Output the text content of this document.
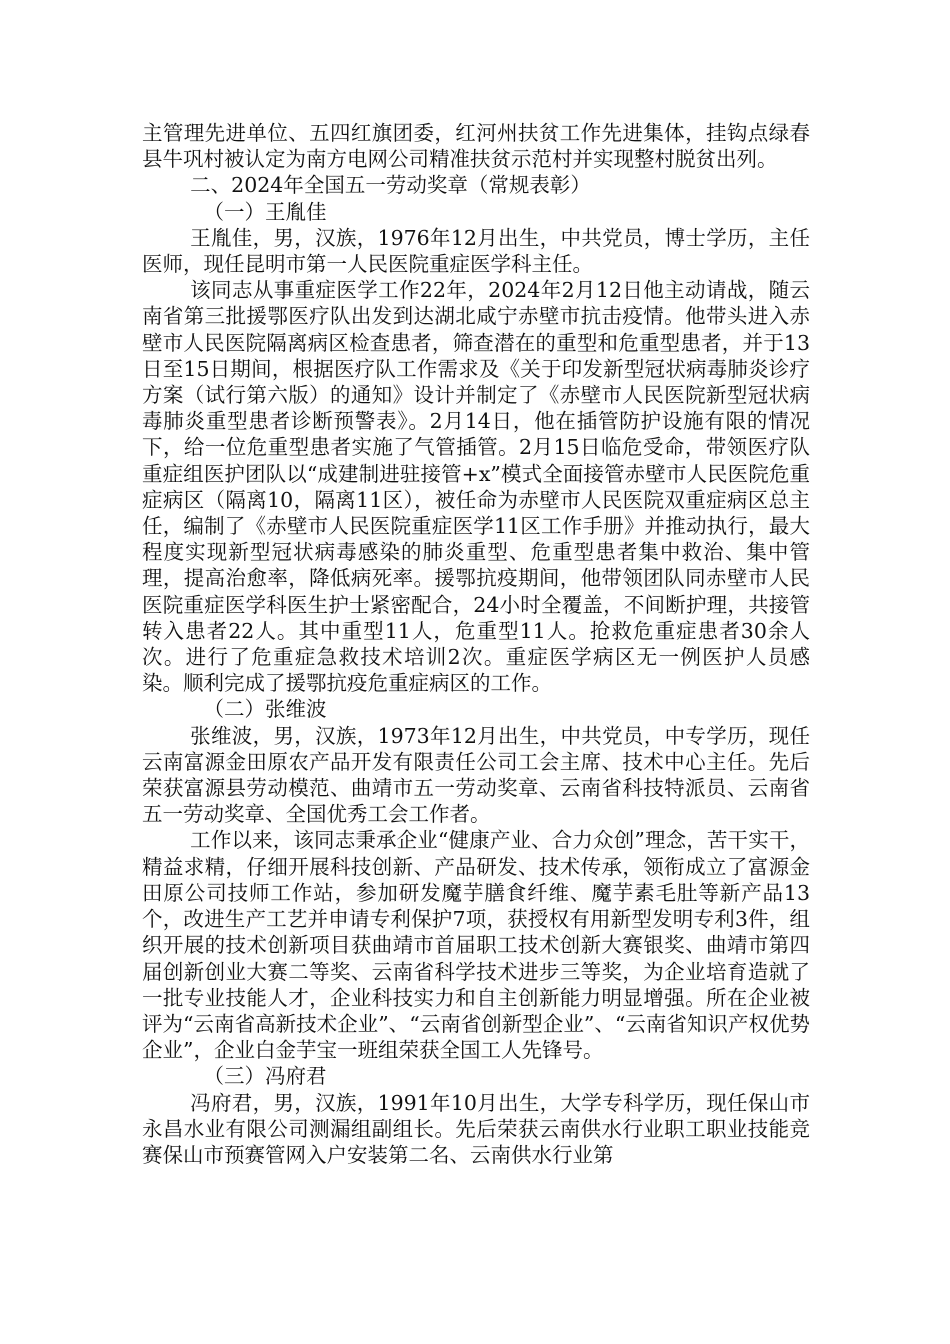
主管理先进单位、五四红旗团委，红河州扶贫工作先进集体，挂钩点绿春县牛巩村被认定为南方电网公司精准扶贫示范村并实现整村脱贫出列。

二、2024年全国五一劳动奖章（常规表彰）

（一）王胤佳

王胤佳，男，汉族，1976年12月出生，中共党员，博士学历，主任医师，现任昆明市第一人民医院重症医学科主任。

该同志从事重症医学工作22年，2024年2月12日他主动请战，随云南省第三批援鄂医疗队出发到达湖北咸宁赤壁市抗击疫情。他带头进入赤壁市人民医院隔离病区检查患者，筛查潜在的重型和危重型患者，并于13日至15日期间，根据医疗队工作需求及《关于印发新型冠状病毒肺炎诊疗方案（试行第六版）的通知》设计并制定了《赤壁市人民医院新型冠状病毒肺炎重型患者诊断预警表》。2月14日，他在插管防护设施有限的情况下，给一位危重型患者实施了气管插管。2月15日临危受命，带领医疗队重症组医护团队以“成建制进驻接管+x”模式全面接管赤壁市人民医院危重症病区（隔离10，隔离11区），被任命为赤壁市人民医院双重症病区总主任，编制了《赤壁市人民医院重症医学11区工作手册》并推动执行，最大程度实现新型冠状病毒感染的肺炎重型、危重型患者集中救治、集中管理，提高治愈率，降低病死率。援鄂抗疫期间，他带领团队同赤壁市人民医院重症医学科医生护士紧密配合，24小时全覆盖，不间断护理，共接管转入患者22人。其中重型11人，危重型11人。抢救危重症患者30余人次。进行了危重症急救技术培训2次。重症医学病区无一例医护人员感染。顺利完成了援鄂抗疫危重症病区的工作。

（二）张维波

张维波，男，汉族，1973年12月出生，中共党员，中专学历，现任云南富源金田原农产品开发有限责任公司工会主席、技术中心主任。先后荣获富源县劳动模范、曲靖市五一劳动奖章、云南省科技特派员、云南省五一劳动奖章、全国优秀工会工作者。

工作以来，该同志秉承企业“健康产业、合力众创”理念，苦干实干，精益求精，仔细开展科技创新、产品研发、技术传承，领衔成立了富源金田原公司技师工作站，参加研发魔芋膳食纤维、魔芋素毛肚等新产品13个，改进生产工艺并申请专利保护7项，获授权有用新型发明专利3件，组织开展的技术创新项目获曲靖市首届职工技术创新大赛银奖、曲靖市第四届创新创业大赛二等奖、云南省科学技术进步三等奖，为企业培育造就了一批专业技能人才，企业科技实力和自主创新能力明显增强。所在企业被评为“云南省高新技术企业”、“云南省创新型企业”、“云南省知识产权优势企业”，企业白金芋宝一班组荣获全国工人先锋号。

（三）冯府君

冯府君，男，汉族，1991年10月出生，大学专科学历，现任保山市永昌水业有限公司测漏组副组长。先后荣获云南供水行业职工职业技能竞赛保山市预赛管网入户安装第二名、云南供水行业第
